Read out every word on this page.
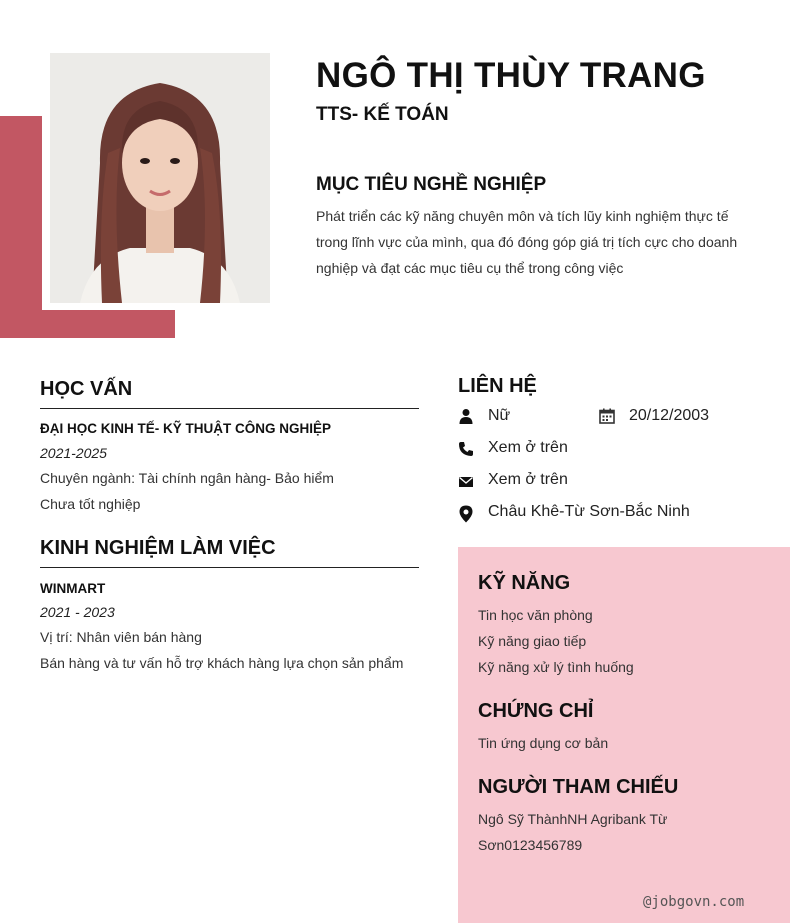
NGÔ THỊ THÙY TRANG
TTS- KẾ TOÁN
MỤC TIÊU NGHỀ NGHIỆP
Phát triển các kỹ năng chuyên môn và tích lũy kinh nghiệm thực tế trong lĩnh vực của mình, qua đó đóng góp giá trị tích cực cho doanh nghiệp và đạt các mục tiêu cụ thể trong công việc
HỌC VẤN
ĐẠI HỌC KINH TẾ- KỸ THUẬT CÔNG NGHIỆP
2021-2025
Chuyên ngành: Tài chính ngân hàng- Bảo hiểm
Chưa tốt nghiệp
KINH NGHIỆM LÀM VIỆC
WINMART
2021 - 2023
Vị trí: Nhân viên bán hàng
Bán hàng và tư vấn hỗ trợ khách hàng lựa chọn sản phẩm
LIÊN HỆ
Nữ	20/12/2003
Xem ở trên
Xem ở trên
Châu Khê-Từ Sơn-Bắc Ninh
KỸ NĂNG
Tin học văn phòng
Kỹ năng giao tiếp
Kỹ năng xử lý tình huống
CHỨNG CHỈ
Tin ứng dụng cơ bản
NGƯỜI THAM CHIẾU
Ngô Sỹ ThànhNH Agribank Từ
Sơn0123456789
@jobgovn.com
